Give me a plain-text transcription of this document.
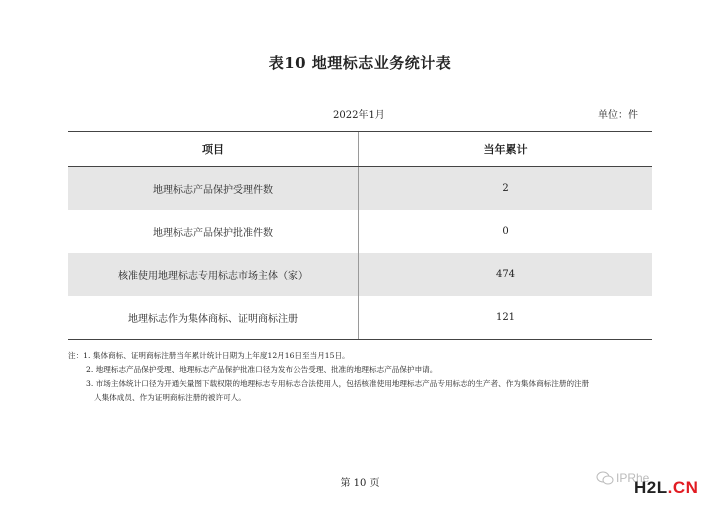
表10 地理标志业务统计表
2022年1月	单位：件
项目	当年累计
地理标志产品保护受理件数	2
地理标志产品保护批准件数	0
核准使用地理标志专用标志市场主体（家）	474
地理标志作为集体商标、证明商标注册	121
注：1. 集体商标、证明商标注册当年累计统计日期为上年度12月16日至当月15日。
2. 地理标志产品保护受理、地理标志产品保护批准口径为发布公告受理、批准的地理标志产品保护申请。
3. 市场主体统计口径为开通矢量图下载权限的地理标志专用标志合法使用人，包括核准使用地理标志产品专用标志的生产者、作为集体商标注册的注册
人集体成员、作为证明商标注册的被许可人。
第 10 页	IPRhe
H2L.CN
